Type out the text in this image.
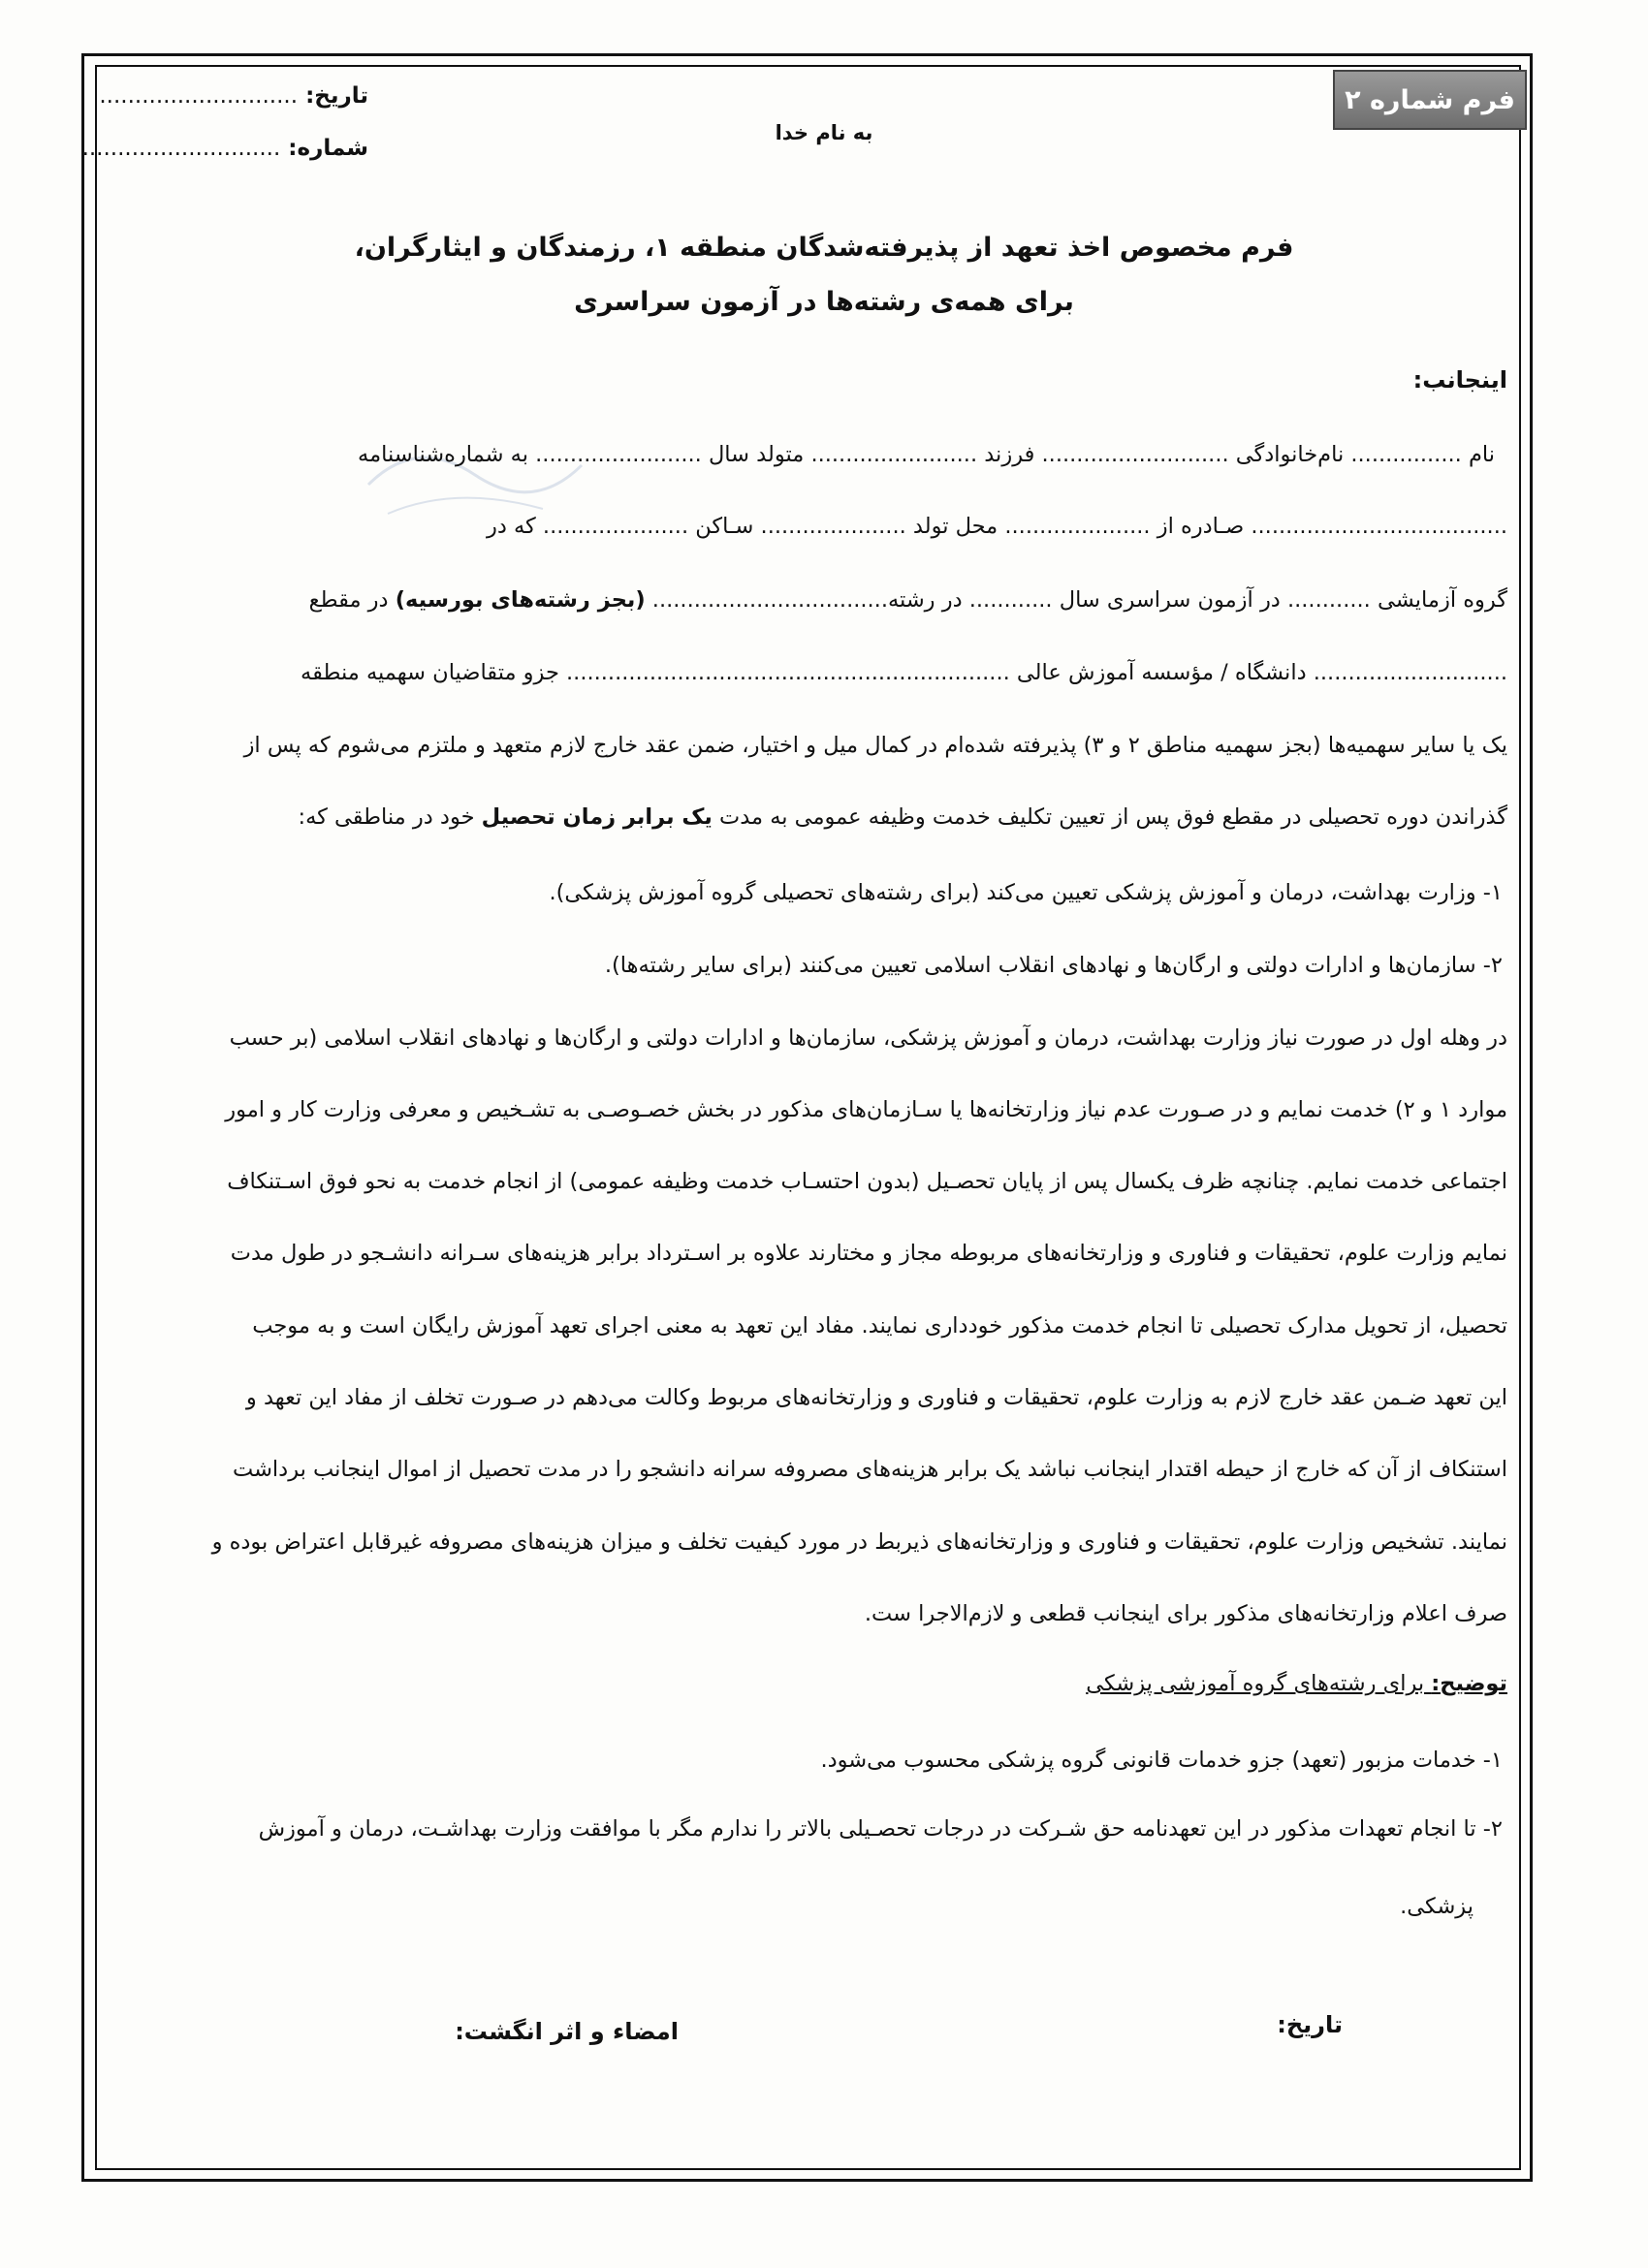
فرم شماره ۲
تاریخ: ............................
شماره: ............................
به نام خدا
فرم مخصوص اخذ تعهد از پذیرفته‌شدگان منطقه ۱، رزمندگان و ایثارگران،
برای همه‌ی رشته‌ها در آزمون سراسری
اینجانب:
نام ................ نام‌خانوادگی ........................... فرزند ........................ متولد سال ........................ به شماره‌شناسنامه
..................................... صـادره از ..................... محل تولد ..................... سـاکن ..................... که در
گروه آزمایشی ............ در آزمون سراسری سال ............ در رشته.................................. (بجز رشته‌های بورسیه) در مقطع
............................ دانشگاه / مؤسسه آموزش عالی ................................................................ جزو متقاضیان سهمیه منطقه
یک یا سایر سهمیه‌ها (بجز سهمیه مناطق ۲ و ۳) پذیرفته شده‌ام در کمال میل و اختیار، ضمن عقد خارج لازم متعهد و ملتزم می‌شوم که پس از
گذراندن دوره تحصیلی در مقطع فوق پس از تعیین تکلیف خدمت وظیفه عمومی به مدت یک برابر زمان تحصیل خود در مناطقی که:
۱- وزارت بهداشت، درمان و آموزش پزشکی تعیین می‌کند (برای رشته‌های تحصیلی گروه آموزش پزشکی).
۲- سازمان‌ها و ادارات دولتی و ارگان‌ها و نهادهای انقلاب اسلامی تعیین می‌کنند (برای سایر رشته‌ها).
در وهله اول در صورت نیاز وزارت بهداشت، درمان و آموزش پزشکی، سازمان‌ها و ادارات دولتی و ارگان‌ها و نهادهای انقلاب اسلامی (بر حسب
موارد ۱ و ۲) خدمت نمایم و در صـورت عدم نیاز وزارتخانه‌ها یا سـازمان‌های مذکور در بخش خصـوصـی به تشـخیص و معرفی وزارت کار و امور
اجتماعی خدمت نمایم. چنانچه ظرف یکسال پس از پایان تحصـیل (بدون احتسـاب خدمت وظیفه عمومی) از انجام خدمت به نحو فوق اسـتنکاف
نمایم وزارت علوم، تحقیقات و فناوری و وزارتخانه‌های مربوطه مجاز و مختارند علاوه بر اسـترداد برابر هزینه‌های سـرانه دانشـجو در طول مدت
تحصیل، از تحویل مدارک تحصیلی تا انجام خدمت مذکور خودداری نمایند. مفاد این تعهد به معنی اجرای تعهد آموزش رایگان است و به موجب
این تعهد ضـمن عقد خارج لازم به وزارت علوم، تحقیقات و فناوری و وزارتخانه‌های مربوط وکالت می‌دهم در صـورت تخلف از مفاد این تعهد و
استنکاف از آن که خارج از حیطه اقتدار اینجانب نباشد یک برابر هزینه‌های مصروفه سرانه دانشجو را در مدت تحصیل از اموال اینجانب برداشت
نمایند. تشخیص وزارت علوم، تحقیقات و فناوری و وزارتخانه‌های ذیربط در مورد کیفیت تخلف و میزان هزینه‌های مصروفه غیرقابل اعتراض بوده و
صرف اعلام وزارتخانه‌های مذکور برای اینجانب قطعی و لازم‌الاجرا ست.
توضیح: برای رشته‌های گروه آموزشی پزشکی
۱- خدمات مزبور (تعهد) جزو خدمات قانونی گروه پزشکی محسوب می‌شود.
۲- تا انجام تعهدات مذکور در این تعهدنامه حق شـرکت در درجات تحصـیلی بالاتر را ندارم مگر با موافقت وزارت بهداشـت، درمان و آموزش
پزشکی.
تاریخ:
امضاء و اثر انگشت:
